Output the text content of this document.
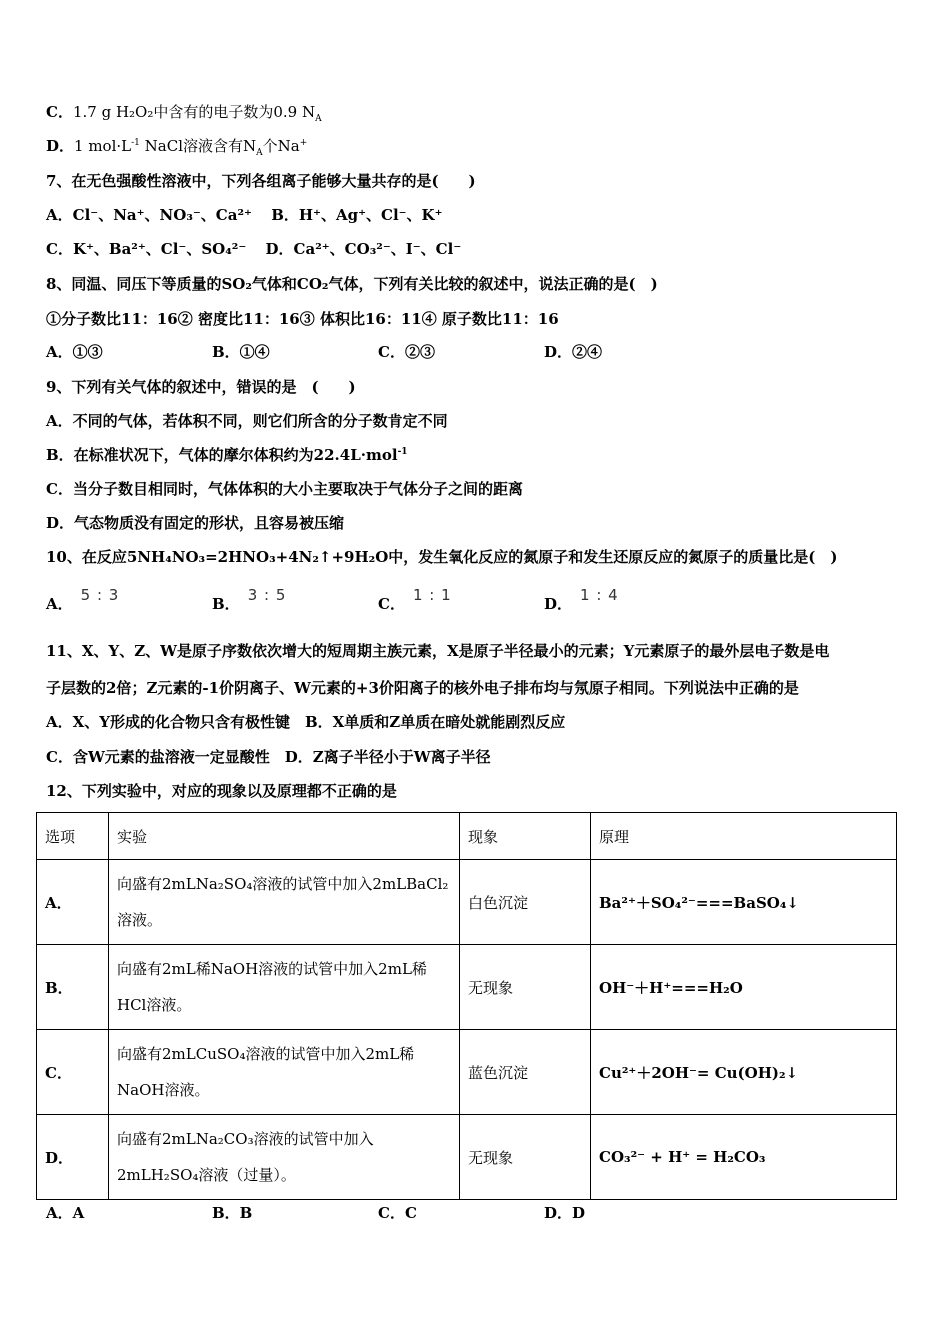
C．1.7 g H₂O₂中含有的电子数为0.9 $N_A$
D．1 $mol\cdot L^{-1}$ NaCl溶液含有$N_A$个Na+
7、在无色强酸性溶液中，下列各组离子能够大量共存的是(　　)
A．Cl⁻、Na⁺、NO₃⁻、Ca²⁺ B．H⁺、Ag⁺、Cl⁻、K⁺
C．K⁺、Ba²⁺、Cl⁻、SO₄²⁻ D．Ca²⁺、CO₃²⁻、I⁻、Cl⁻
8、同温、同压下等质量的SO₂气体和CO₂气体，下列有关比较的叙述中，说法正确的是(　)
①分子数比11：16② 密度比11：16③ 体积比16：11④ 原子数比11：16
A．①③	B．①④	C．②③	D．②④
9、下列有关气体的叙述中，错误的是　(　　)
A．不同的气体，若体积不同，则它们所含的分子数肯定不同
B．在标准状况下，气体的摩尔体积约为22.4L·mol$^{-1}$
C．当分子数目相同时，气体体积的大小主要取决于气体分子之间的距离
D．气态物质没有固定的形状，且容易被压缩
10、在反应5NH₄NO₃=2HNO₃+4N₂↑+9H₂O中，发生氧化反应的氮原子和发生还原反应的氮原子的质量比是(　)
A． 5 : 3	B． 3 : 5	C． 1 : 1	D． 1 : 4
11、X、Y、Z、W是原子序数依次增大的短周期主族元素，X是原子半径最小的元素；Y元素原子的最外层电子数是电
子层数的2倍；Z元素的-1价阴离子、W元素的+3价阳离子的核外电子排布均与氖原子相同。下列说法中正确的是
A．X、Y形成的化合物只含有极性键　B．X单质和Z单质在暗处就能剧烈反应
C．含W元素的盐溶液一定显酸性　D．Z离子半径小于W离子半径
12、下列实验中，对应的现象以及原理都不正确的是
选项	实验	现象	原理
A．	向盛有2mLNa₂SO₄溶液的试管中加入2mLBaCl₂
溶液。	白色沉淀	Ba²⁺＋SO₄²⁻===BaSO₄↓
B．	向盛有2mL稀NaOH溶液的试管中加入2mL稀
HCl溶液。	无现象	OH⁻＋H⁺===H₂O
C．	向盛有2mLCuSO₄溶液的试管中加入2mL稀
NaOH溶液。	蓝色沉淀	Cu²⁺＋2OH⁻= Cu(OH)₂↓
D．	向盛有2mLNa₂CO₃溶液的试管中加入
2mLH₂SO₄溶液（过量）。	无现象	CO₃²⁻ + H⁺ = H₂CO₃
A．A	B．B	C．C	D．D
